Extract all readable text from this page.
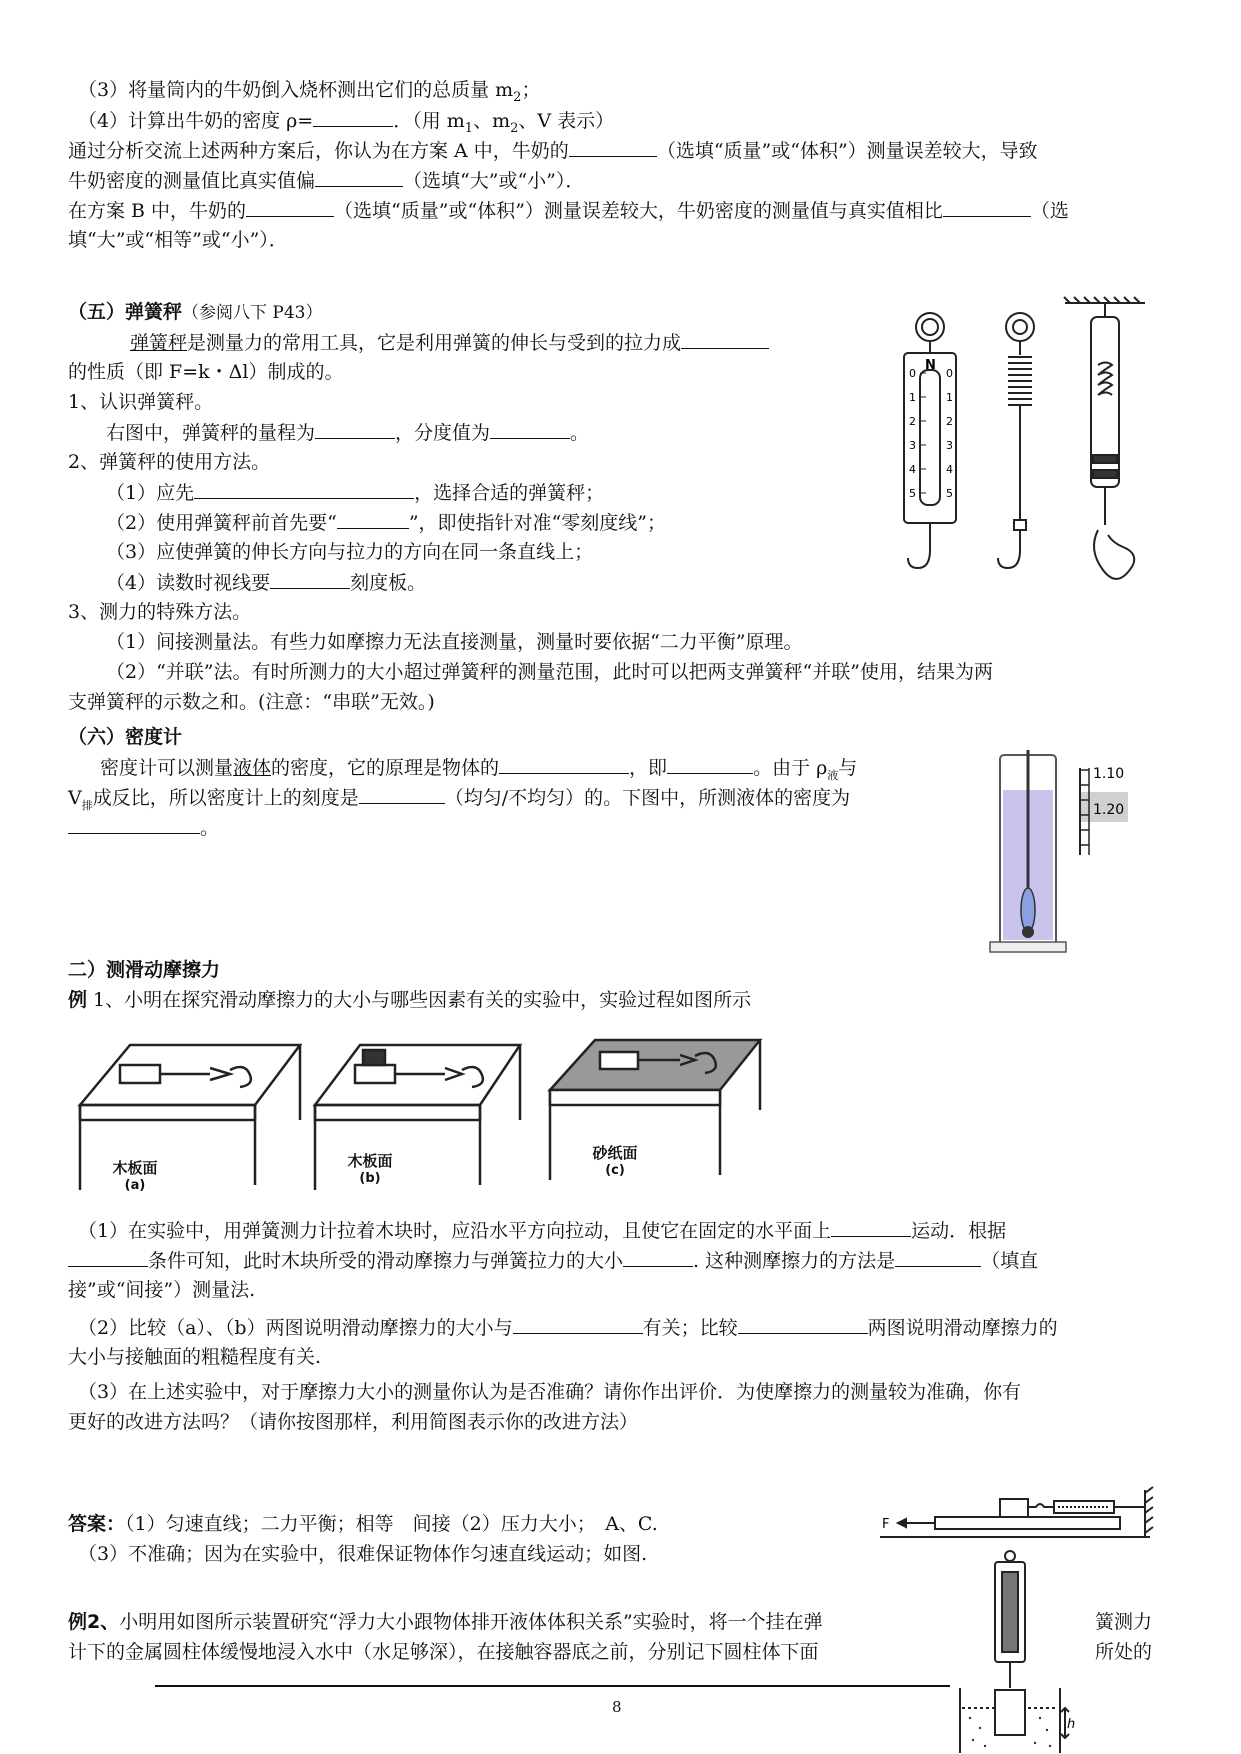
（3）将量筒内的牛奶倒入烧杯测出它们的总质量 $m_2$；
（4）计算出牛奶的密度 ρ=	．（用 $m_1$、$m_2$、V 表示）
通过分析交流上述两种方案后，你认为在方案 A 中，牛奶的	（选填“质量”或“体积”）测量误差较大，导致
牛奶密度的测量值比真实值偏	（选填“大”或“小”）．
在方案 B 中，牛奶的	（选填“质量”或“体积”）测量误差较大，牛奶密度的测量值与真实值相比	（选
填“大”或“相等”或“小”）．
（五）弹簧秤（参阅八下 P43）
弹簧秤是测量力的常用工具，它是利用弹簧的伸长与受到的拉力成
的性质（即 F=k・Δl）制成的。
1、认识弹簧秤。
右图中，弹簧秤的量程为	，分度值为	。
2、弹簧秤的使用方法。
（1）应先	，选择合适的弹簧秤；
（2）使用弹簧秤前首先要“	”，即使指针对准“零刻度线”；
（3）应使弹簧的伸长方向与拉力的方向在同一条直线上；
（4）读数时视线要	刻度板。
3、测力的特殊方法。
（1）间接测量法。有些力如摩擦力无法直接测量，测量时要依据“二力平衡”原理。
（2）“并联”法。有时所测力的大小超过弹簧秤的测量范围，此时可以把两支弹簧秤“并联”使用，结果为两
支弹簧秤的示数之和。(注意：“串联”无效。)
N
0	0
1	1
2	2
3	3
4	4
5	5
（六）密度计
密度计可以测量液体的密度，它的原理是物体的	，即	。由于 $\rho_液$与
$V_排$成反比，所以密度计上的刻度是	（均匀/不均匀）的。下图中，所测液体的密度为
。
1.10
1.20
二）测滑动摩擦力
例 1、小明在探究滑动摩擦力的大小与哪些因素有关的实验中，实验过程如图所示
木板面
(a)
木板面
(b)
砂纸面
(c)
（1）在实验中，用弹簧测力计拉着木块时，应沿水平方向拉动，且使它在固定的水平面上	运动．根据
条件可知，此时木块所受的滑动摩擦力与弹簧拉力的大小	. 这种测摩擦力的方法是	（填直
接”或“间接”）测量法.
（2）比较（a）、（b）两图说明滑动摩擦力的大小与	有关；比较	两图说明滑动摩擦力的
大小与接触面的粗糙程度有关.
（3）在上述实验中，对于摩擦力大小的测量你认为是否准确？请你作出评价．为使摩擦力的测量较为准确，你有
更好的改进方法吗？（请你按图那样，利用简图表示你的改进方法）
答案：（1）匀速直线；二力平衡；相等　间接（2）压力大小；　A、C.
（3）不准确；因为在实验中，很难保证物体作匀速直线运动；如图.
F
例2、小明用如图所示装置研究“浮力大小跟物体排开液体体积关系”实验时，将一个挂在弹	簧测力
计下的金属圆柱体缓慢地浸入水中（水足够深），在接触容器底之前，分别记下圆柱体下面	所处的
h
8
